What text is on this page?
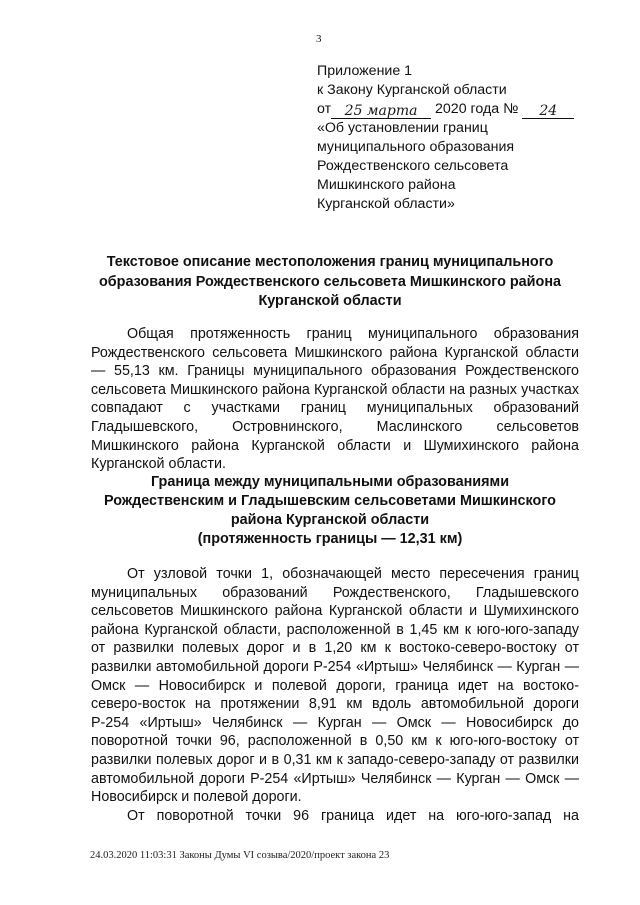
3
Приложение 1
к Закону Курганской области
от 25 марта 2020 года № 24
«Об установлении границ
муниципального образования
Рождественского сельсовета
Мишкинского района
Курганской области»
Текстовое описание местоположения границ муниципального
образования Рождественского сельсовета Мишкинского района
Курганской области

Общая протяженность границ муниципального образования Рождественского сельсовета Мишкинского района Курганской области — 55,13 км. Границы муниципального образования Рождественского сельсовета Мишкинского района Курганской области на разных участках совпадают с участками границ муниципальных образований Гладышевского, Островнинского, Маслинского сельсоветов Мишкинского района Курганской области и Шумихинского района Курганской области.

Граница между муниципальными образованиями
Рождественским и Гладышевским сельсоветами Мишкинского
района Курганской области
(протяженность границы — 12,31 км)

От узловой точки 1, обозначающей место пересечения границ муниципальных образований Рождественского, Гладышевского сельсоветов Мишкинского района Курганской области и Шумихинского района Курганской области, расположенной в 1,45 км к юго-юго-западу от развилки полевых дорог и в 1,20 км к востоко-северо-востоку от развилки автомобильной дороги Р-254 «Иртыш» Челябинск — Курган — Омск — Новосибирск и полевой дороги, граница идет на востоко-северо-восток на протяжении 8,91 км вдоль автомобильной дороги Р-254 «Иртыш» Челябинск — Курган — Омск — Новосибирск до поворотной точки 96, расположенной в 0,50 км к юго-юго-востоку от развилки полевых дорог и в 0,31 км к западо-северо-западу от развилки автомобильной дороги Р-254 «Иртыш» Челябинск — Курган — Омск — Новосибирск и полевой дороги.

От поворотной точки 96 граница идет на юго-юго-запад на

24.03.2020 11:03:31 Законы Думы VI созыва/2020/проект закона 23
